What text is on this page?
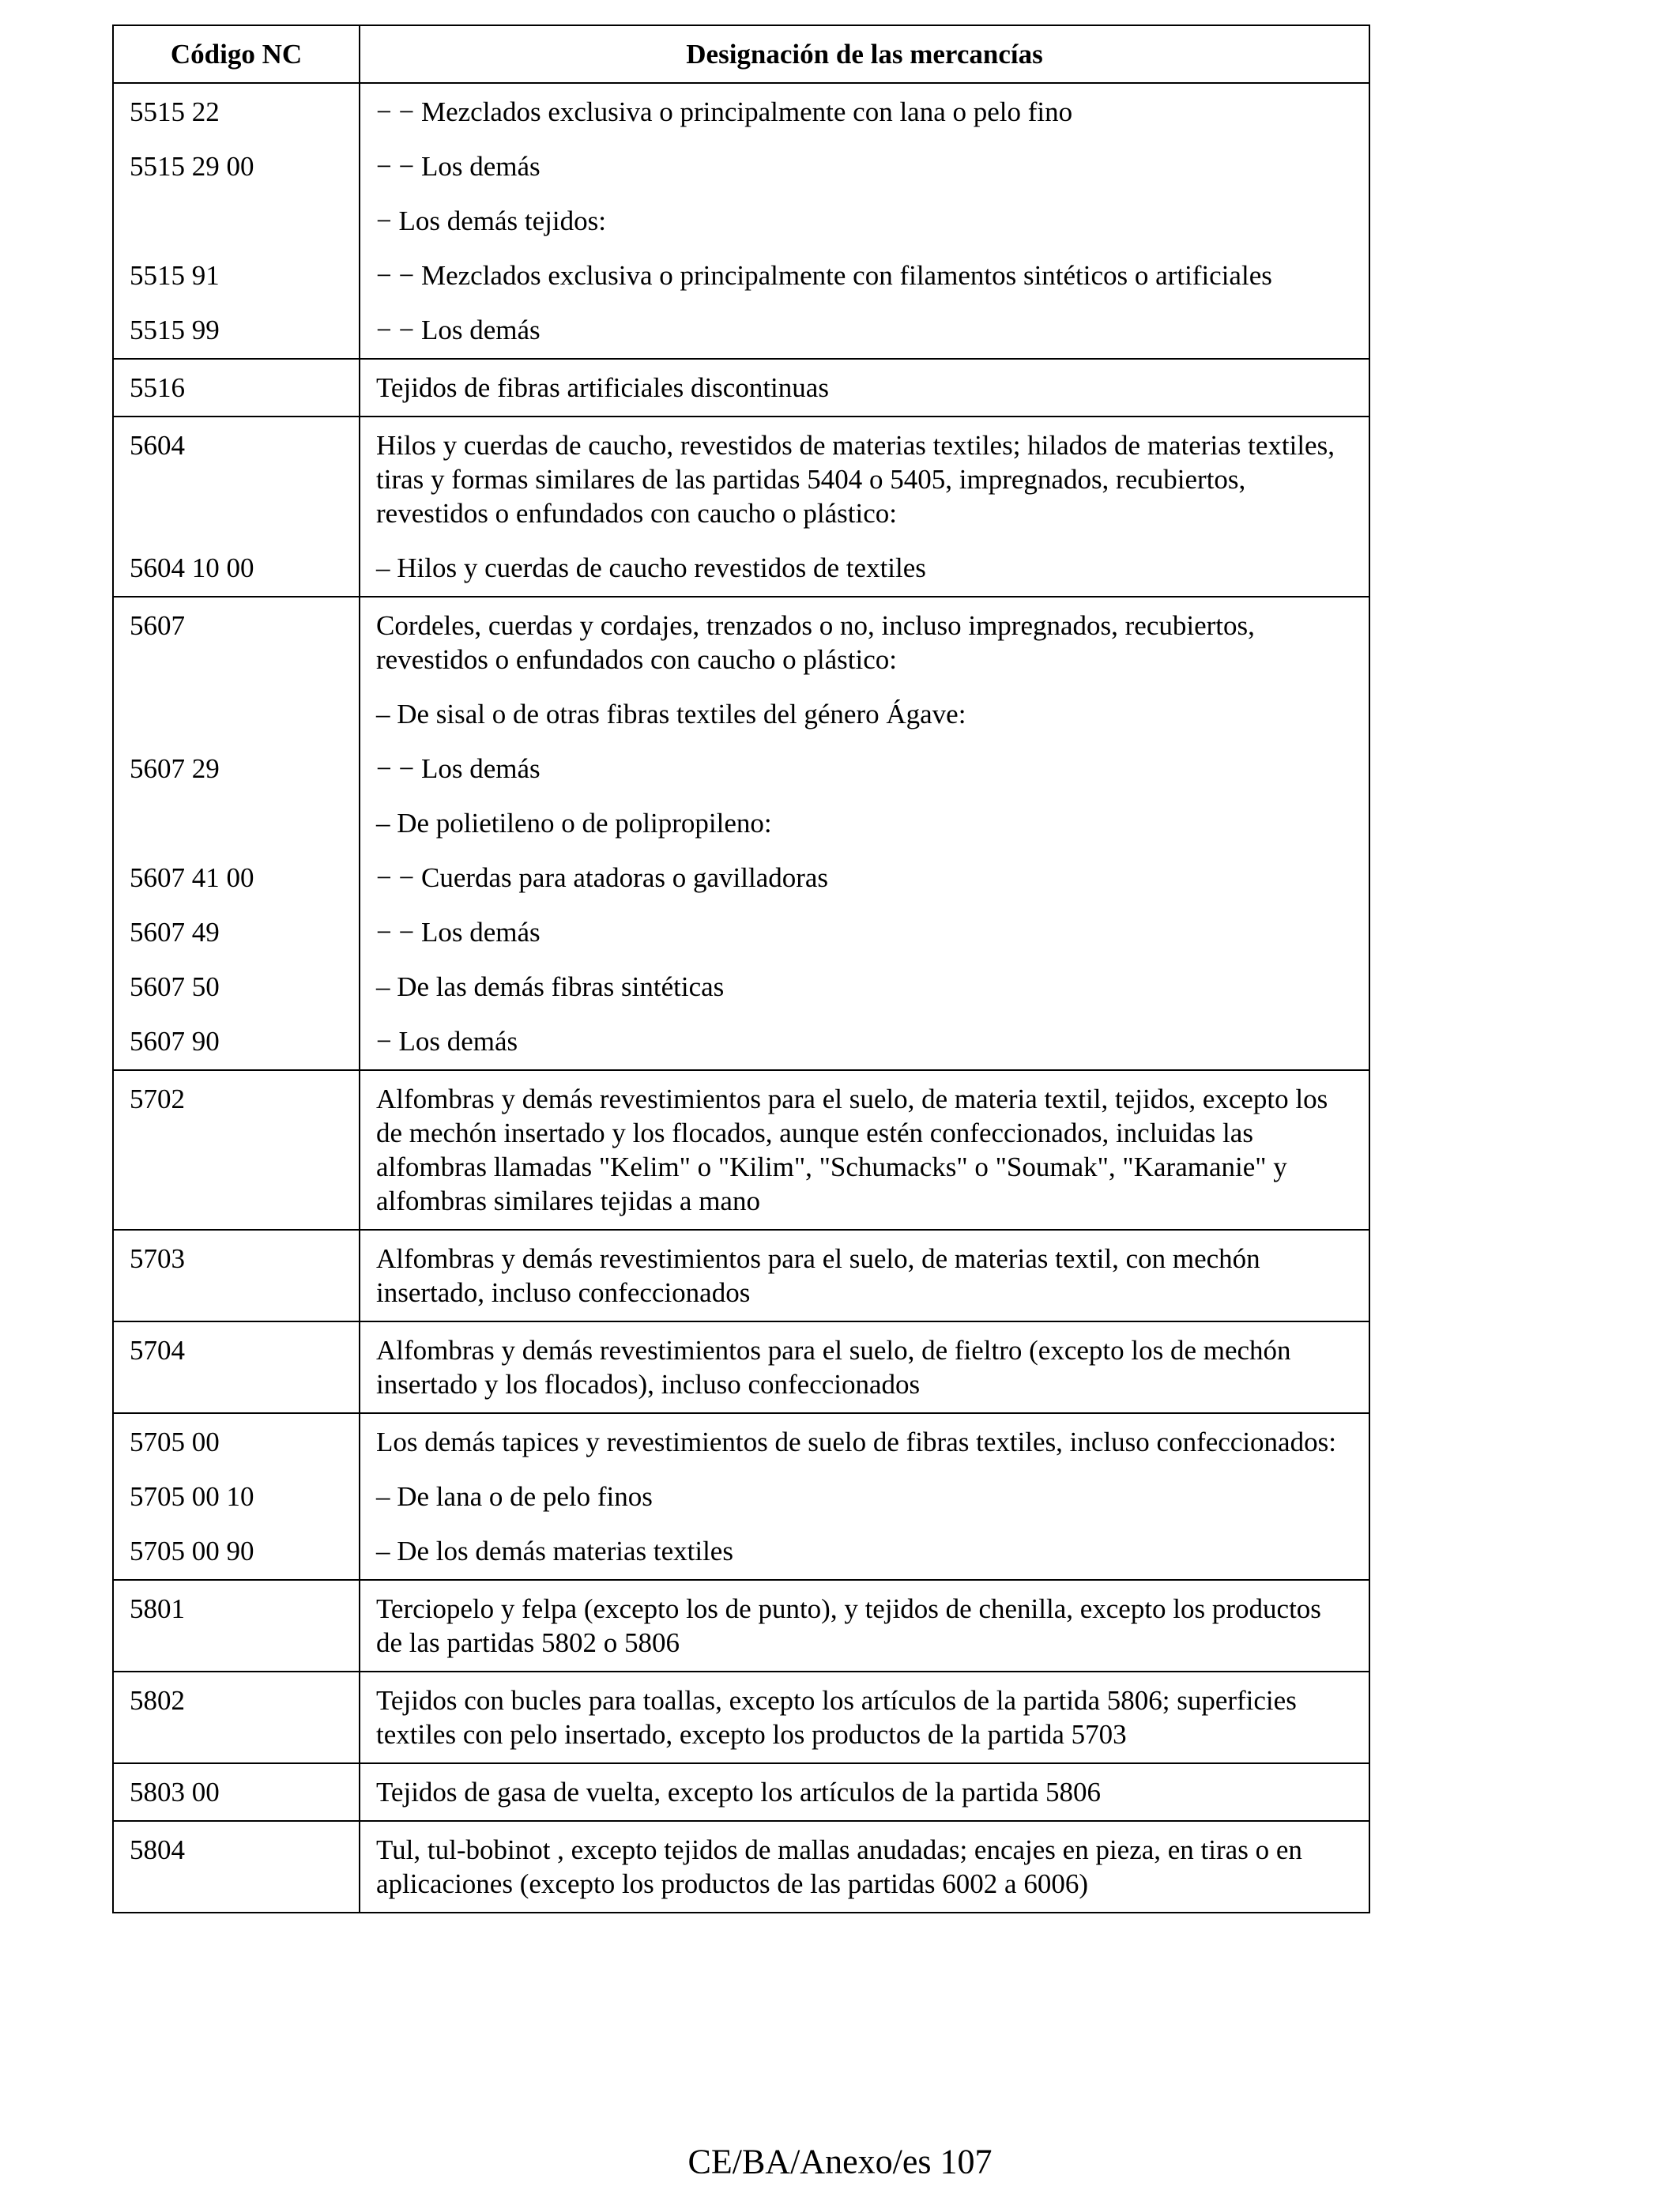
Código NC	Designación de las mercancías
5515 22	− − Mezclados exclusiva o principalmente con lana o pelo fino
5515 29 00	− − Los demás
	− Los demás tejidos:
5515 91	− − Mezclados exclusiva o principalmente con filamentos sintéticos o artificiales
5515 99	− − Los demás
5516	Tejidos de fibras artificiales discontinuas
5604	Hilos y cuerdas de caucho, revestidos de materias textiles; hilados de materias textiles, tiras y formas similares de las partidas 5404 o 5405, impregnados, recubiertos, revestidos o enfundados con caucho o plástico:
5604 10 00	– Hilos y cuerdas de caucho revestidos de textiles
5607	Cordeles, cuerdas y cordajes, trenzados o no, incluso impregnados, recubiertos, revestidos o enfundados con caucho o plástico:
	– De sisal o de otras fibras textiles del género Ágave:
5607 29	− − Los demás
	– De polietileno o de polipropileno:
5607 41 00	− − Cuerdas para atadoras o gavilladoras
5607 49	− − Los demás
5607 50	– De las demás fibras sintéticas
5607 90	− Los demás
5702	Alfombras y demás revestimientos para el suelo, de materia textil, tejidos, excepto los de mechón insertado y los flocados, aunque estén confeccionados, incluidas las alfombras llamadas "Kelim" o "Kilim", "Schumacks" o "Soumak", "Karamanie" y alfombras similares tejidas a mano
5703	Alfombras y demás revestimientos para el suelo, de materias textil, con mechón insertado, incluso confeccionados
5704	Alfombras y demás revestimientos para el suelo, de fieltro (excepto los de mechón insertado y los flocados), incluso confeccionados
5705 00	Los demás tapices y revestimientos de suelo de fibras textiles, incluso confeccionados:
5705 00 10	– De lana o de pelo finos
5705 00 90	– De los demás materias textiles
5801	Terciopelo y felpa (excepto los de punto), y tejidos de chenilla, excepto los productos de las partidas 5802 o 5806
5802	Tejidos con bucles para toallas, excepto los artículos de la partida 5806; superficies textiles con pelo insertado, excepto los productos de la partida 5703
5803 00	Tejidos de gasa de vuelta, excepto los artículos de la partida 5806
5804	Tul, tul-bobinot , excepto tejidos de mallas anudadas; encajes en pieza, en tiras o en aplicaciones (excepto los productos de las partidas 6002 a 6006)
CE/BA/Anexo/es 107
